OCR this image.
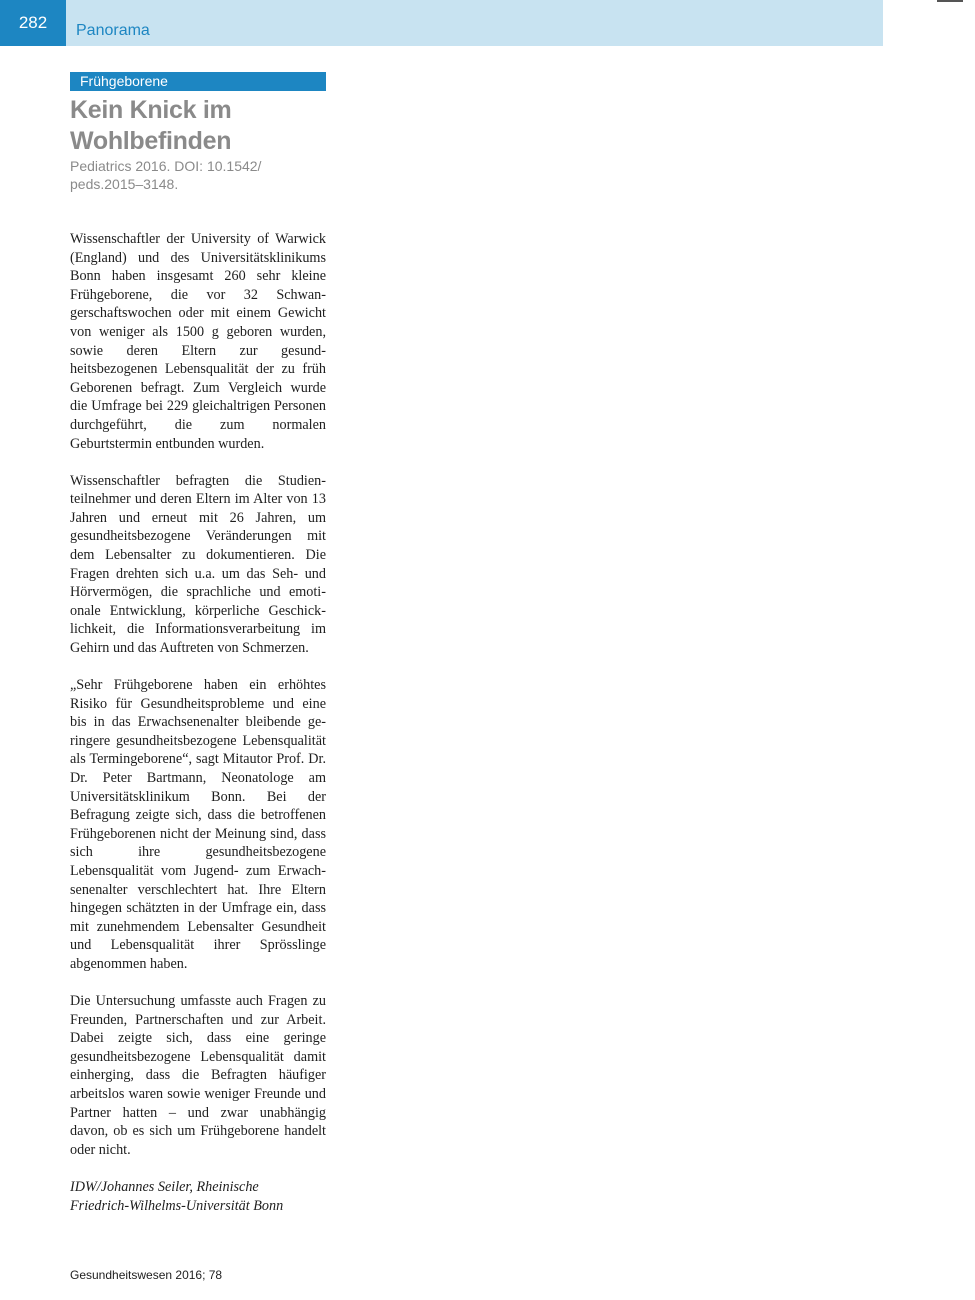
282	Panorama
Frühgeborene
Kein Knick im Wohlbefinden

Pediatrics 2016. DOI: 10.1542/ peds.2015–3148.

Wissenschaftler der University of Warwick (England) und des Universitätsklinikums Bonn haben insgesamt 260 sehr kleine Frühgeborene, die vor 32 Schwangerschaftswochen oder mit einem Gewicht von weniger als 1500 g geboren wurden, sowie deren Eltern zur gesundheitsbezogenen Lebensqualität der zu früh Geborenen befragt. Zum Vergleich wurde die Umfrage bei 229 gleichaltrigen Personen durchgeführt, die zum normalen Geburtstermin entbunden wurden.

Wissenschaftler befragten die Studienteilnehmer und deren Eltern im Alter von 13 Jahren und erneut mit 26 Jahren, um gesundheitsbezogene Veränderungen mit dem Lebensalter zu dokumentieren. Die Fragen drehten sich u.a. um das Seh- und Hörvermögen, die sprachliche und emotionale Entwicklung, körperliche Geschicklichkeit, die Informationsverarbeitung im Gehirn und das Auftreten von Schmerzen.

„Sehr Frühgeborene haben ein erhöhtes Risiko für Gesundheitsprobleme und eine bis in das Erwachsenenalter bleibende geringere gesundheitsbezogene Lebensqualität als Termingeborene“, sagt Mitautor Prof. Dr. Dr. Peter Bartmann, Neonatologe am Universitätsklinikum Bonn. Bei der Befragung zeigte sich, dass die betroffenen Frühgeborenen nicht der Meinung sind, dass sich ihre gesundheitsbezogene Lebensqualität vom Jugend- zum Erwachsenenalter verschlechtert hat. Ihre Eltern hingegen schätzten in der Umfrage ein, dass mit zunehmendem Lebensalter Gesundheit und Lebensqualität ihrer Sprösslinge abgenommen haben.

Die Untersuchung umfasste auch Fragen zu Freunden, Partnerschaften und zur Arbeit. Dabei zeigte sich, dass eine geringe gesundheitsbezogene Lebensqualität damit einherging, dass die Befragten häufiger arbeitslos waren sowie weniger Freunde und Partner hatten – und zwar unabhängig davon, ob es sich um Frühgeborene handelt oder nicht.

IDW/Johannes Seiler, Rheinische
Friedrich-Wilhelms-Universität Bonn

Gesundheitswesen 2016; 78
